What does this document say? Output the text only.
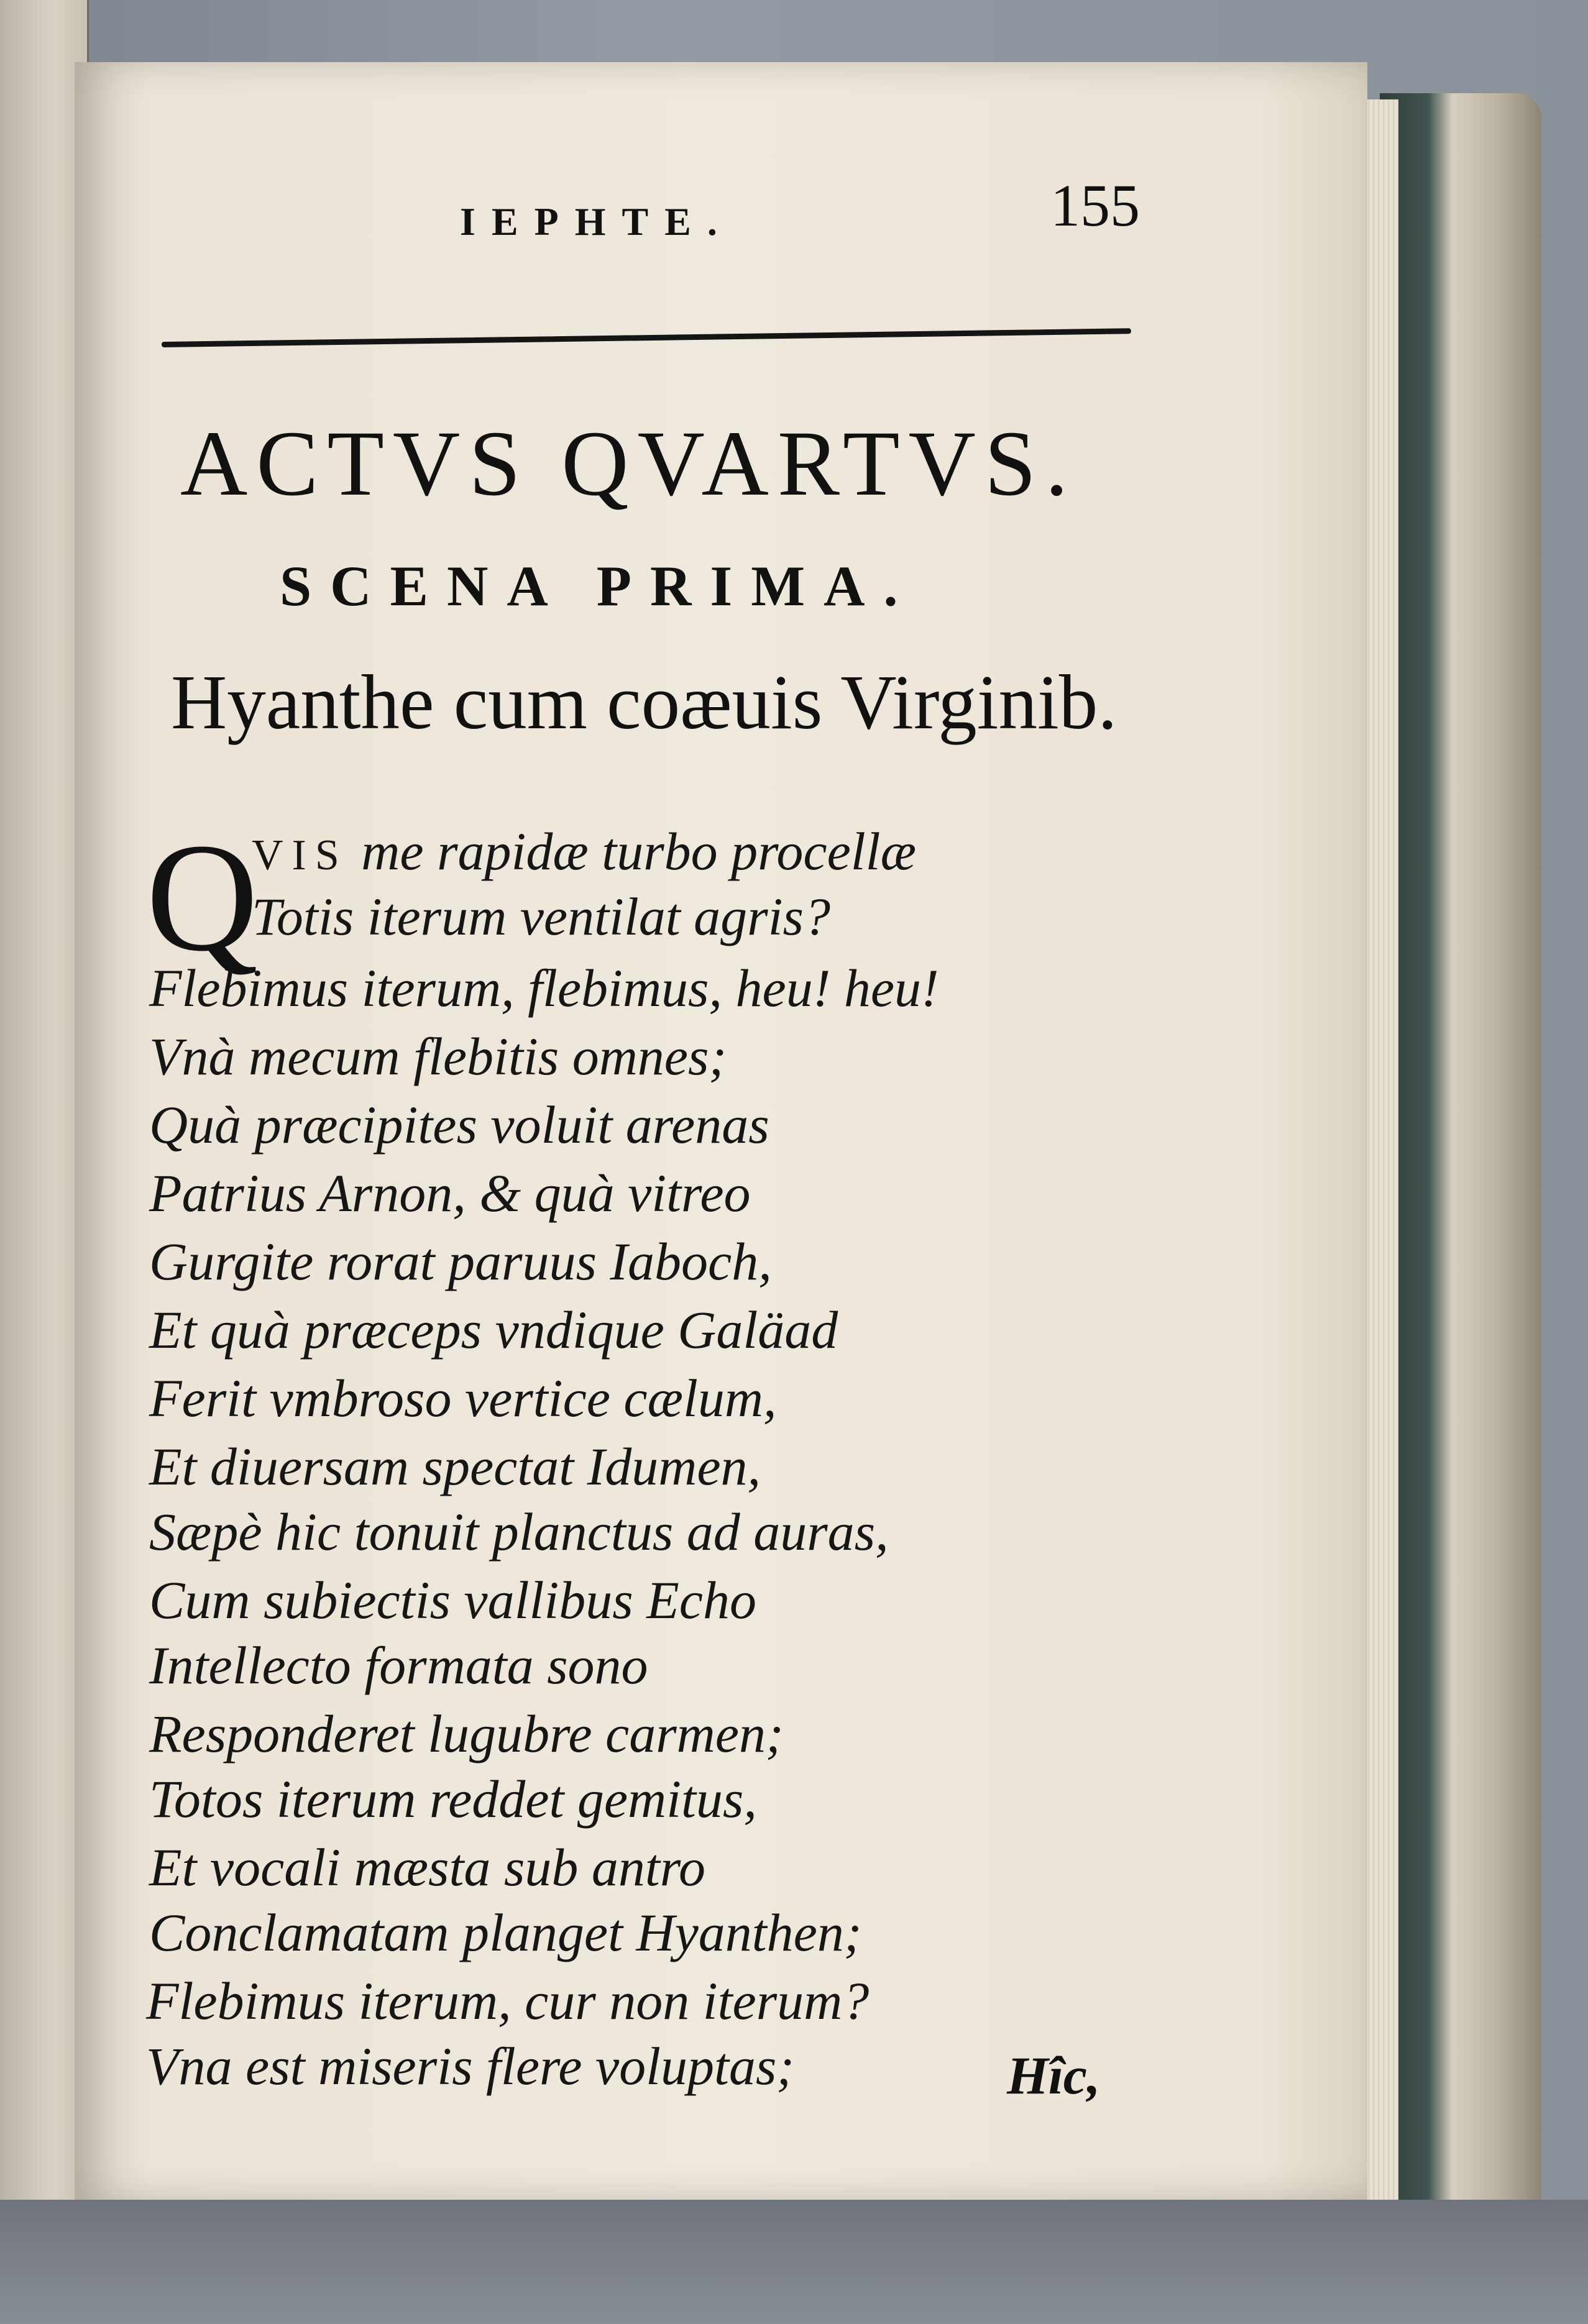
IEPHTE.	155
ACTVS QVARTVS.
SCENA PRIMA.
Hyanthe cum coæuis Virginib.
Q
VIS me rapidæ turbo procellæ
Totis iterum ventilat agris?
Flebimus iterum, flebimus, heu! heu!
Vnà mecum flebitis omnes;
Quà præcipites voluit arenas
Patrius Arnon, & quà vitreo
Gurgite rorat paruus Iaboch,
Et quà præceps vndique Galäad
Ferit vmbroso vertice cælum,
Et diuersam spectat Idumen,
Sæpè hic tonuit planctus ad auras,
Cum subiectis vallibus Echo
Intellecto formata sono
Responderet lugubre carmen;
Totos iterum reddet gemitus,
Et vocali mæsta sub antro
Conclamatam planget Hyanthen;
Flebimus iterum, cur non iterum?
Vna est miseris flere voluptas;	Hîc,
